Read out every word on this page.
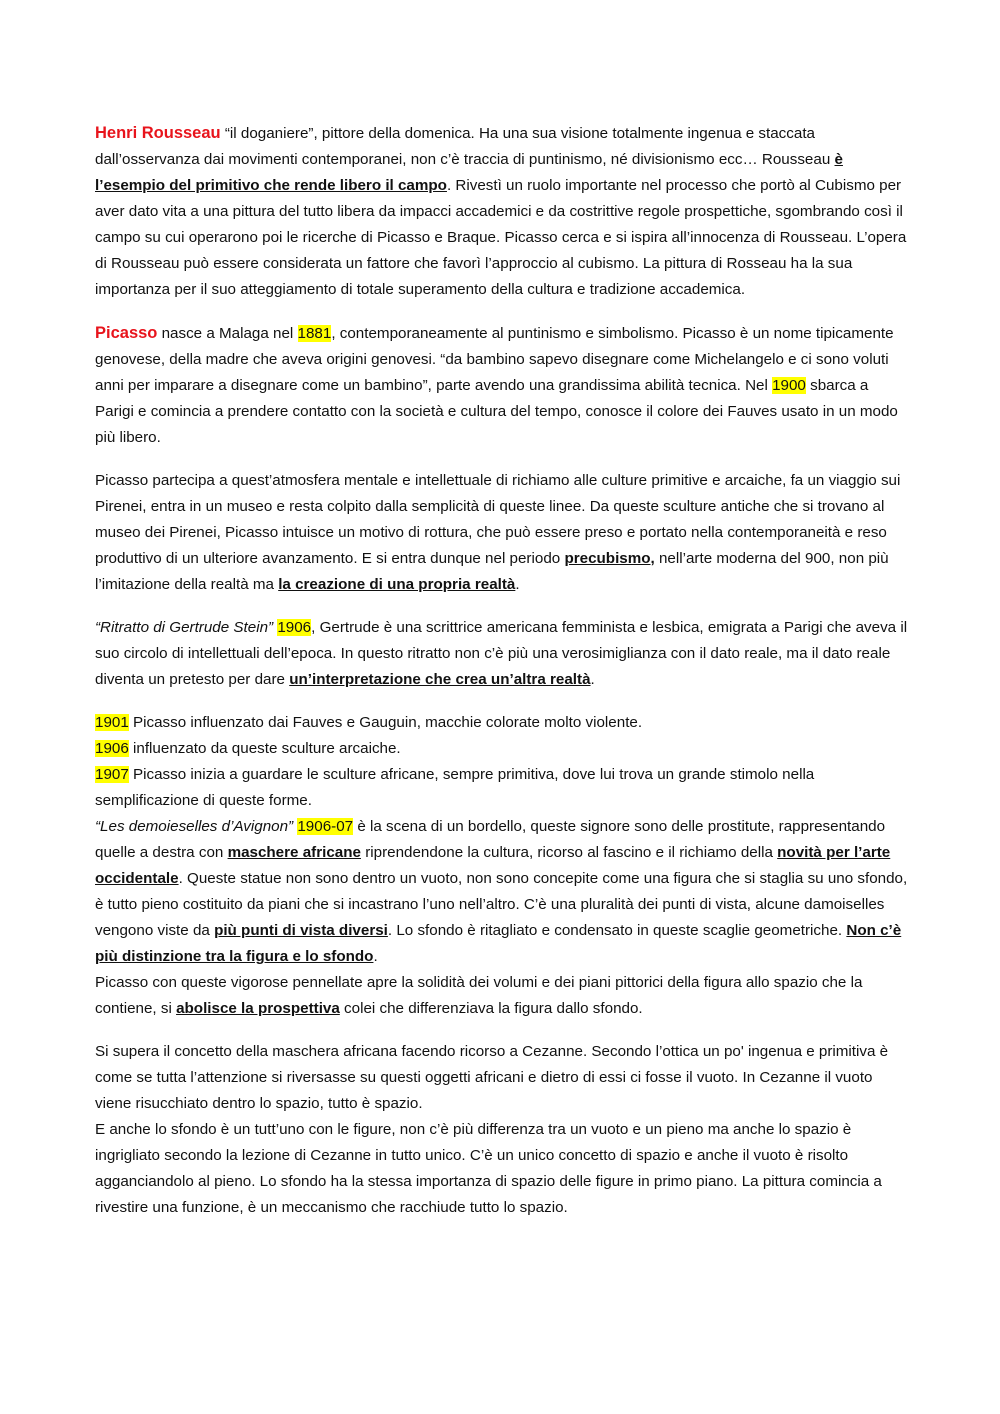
Henri Rousseau “il doganiere”, pittore della domenica. Ha una sua visione totalmente ingenua e staccata dall’osservanza dai movimenti contemporanei, non c’è traccia di puntinismo, né divisionismo ecc… Rousseau è l’esempio del primitivo che rende libero il campo. Rivestì un ruolo importante nel processo che portò al Cubismo per aver dato vita a una pittura del tutto libera da impacci accademici e da costrittive regole prospettiche, sgombrando così il campo su cui operarono poi le ricerche di Picasso e Braque. Picasso cerca e si ispira all’innocenza di Rousseau. L’opera di Rousseau può essere considerata un fattore che favorì l’approccio al cubismo. La pittura di Rosseau ha la sua importanza per il suo atteggiamento di totale superamento della cultura e tradizione accademica.

Picasso nasce a Malaga nel 1881, contemporaneamente al puntinismo e simbolismo. Picasso è un nome tipicamente genovese, della madre che aveva origini genovesi. “da bambino sapevo disegnare come Michelangelo e ci sono voluti anni per imparare a disegnare come un bambino”, parte avendo una grandissima abilità tecnica. Nel 1900 sbarca a Parigi e comincia a prendere contatto con la società e cultura del tempo, conosce il colore dei Fauves usato in un modo più libero.

Picasso partecipa a quest’atmosfera mentale e intellettuale di richiamo alle culture primitive e arcaiche, fa un viaggio sui Pirenei, entra in un museo e resta colpito dalla semplicità di queste linee. Da queste sculture antiche che si trovano al museo dei Pirenei, Picasso intuisce un motivo di rottura, che può essere preso e portato nella contemporaneità e reso produttivo di un ulteriore avanzamento. E si entra dunque nel periodo precubismo, nell’arte moderna del 900, non più l’imitazione della realtà ma la creazione di una propria realtà.

“Ritratto di Gertrude Stein” 1906, Gertrude è una scrittrice americana femminista e lesbica, emigrata a Parigi che aveva il suo circolo di intellettuali dell’epoca. In questo ritratto non c’è più una verosimiglianza con il dato reale, ma il dato reale diventa un pretesto per dare un’interpretazione che crea un’altra realtà.

1901 Picasso influenzato dai Fauves e Gauguin, macchie colorate molto violente.

1906 influenzato da queste sculture arcaiche.

1907 Picasso inizia a guardare le sculture africane, sempre primitiva, dove lui trova un grande stimolo nella semplificazione di queste forme.

“Les demoieselles d’Avignon” 1906-07 è la scena di un bordello, queste signore sono delle prostitute, rappresentando quelle a destra con maschere africane riprendendone la cultura, ricorso al fascino e il richiamo della novità per l’arte occidentale. Queste statue non sono dentro un vuoto, non sono concepite come una figura che si staglia su uno sfondo, è tutto pieno costituito da piani che si incastrano l’uno nell’altro. C’è una pluralità dei punti di vista, alcune damoiselles vengono viste da più punti di vista diversi. Lo sfondo è ritagliato e condensato in queste scaglie geometriche. Non c’è più distinzione tra la figura e lo sfondo.

Picasso con queste vigorose pennellate apre la solidità dei volumi e dei piani pittorici della figura allo spazio che la contiene, si abolisce la prospettiva colei che differenziava la figura dallo sfondo.

Si supera il concetto della maschera africana facendo ricorso a Cezanne. Secondo l’ottica un po' ingenua e primitiva è come se tutta l’attenzione si riversasse su questi oggetti africani e dietro di essi ci fosse il vuoto. In Cezanne il vuoto viene risucchiato dentro lo spazio, tutto è spazio.

E anche lo sfondo è un tutt’uno con le figure, non c’è più differenza tra un vuoto e un pieno ma anche lo spazio è ingrigliato secondo la lezione di Cezanne in tutto unico. C’è un unico concetto di spazio e anche il vuoto è risolto agganciandolo al pieno. Lo sfondo ha la stessa importanza di spazio delle figure in primo piano. La pittura comincia a rivestire una funzione, è un meccanismo che racchiude tutto lo spazio.
